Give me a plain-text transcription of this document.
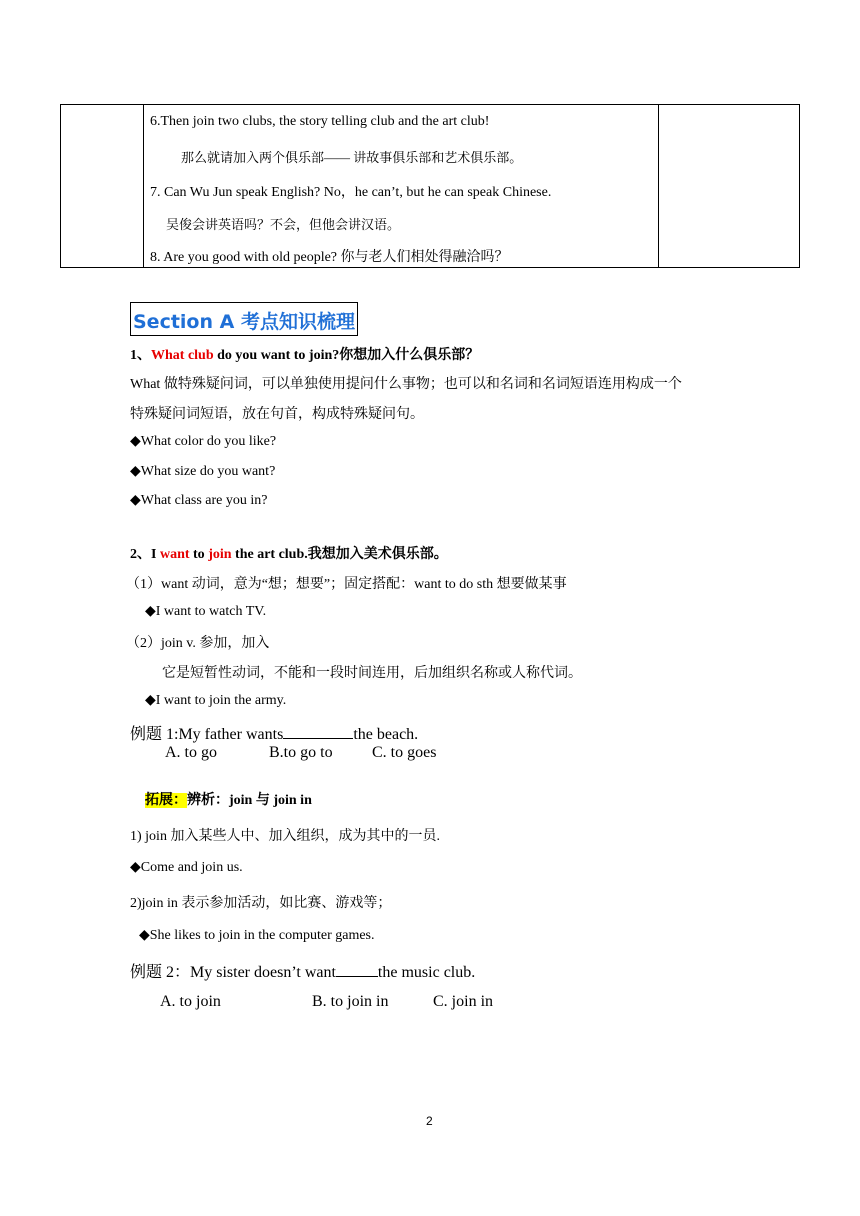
6.Then join two clubs, the story telling club and the art club!
那么就请加入两个俱乐部—— 讲故事俱乐部和艺术俱乐部。
7. Can Wu Jun speak English? No，he can’t, but he can speak Chinese.
吴俊会讲英语吗？不会，但他会讲汉语。
8. Are you good with old people? 你与老人们相处得融洽吗？
Section A 考点知识梳理
1、What club do you want to join?你想加入什么俱乐部？
What 做特殊疑问词，可以单独使用提问什么事物；也可以和名词和名词短语连用构成一个
特殊疑问词短语，放在句首，构成特殊疑问句。
◆What color do you like?
◆What size do you want?
◆What class are you in?
2、I want to join the art club.我想加入美术俱乐部。
（1）want 动词，意为“想；想要”；固定搭配：want to do sth 想要做某事
◆I want to watch TV.
（2）join v. 参加，加入
它是短暂性动词，不能和一段时间连用，后加组织名称或人称代词。
◆I want to join the army.
例题 1:My father wants	the beach.
A. to go	B.to go to C. to goes
拓展：辨析：join 与 join in
1) join 加入某些人中、加入组织，成为其中的一员.
◆Come and join us.
2)join in 表示参加活动，如比赛、游戏等；
◆She likes to join in the computer games.
例题 2：My sister doesn’t want	the music club.
A. to join	B. to join in	C. join in
2
